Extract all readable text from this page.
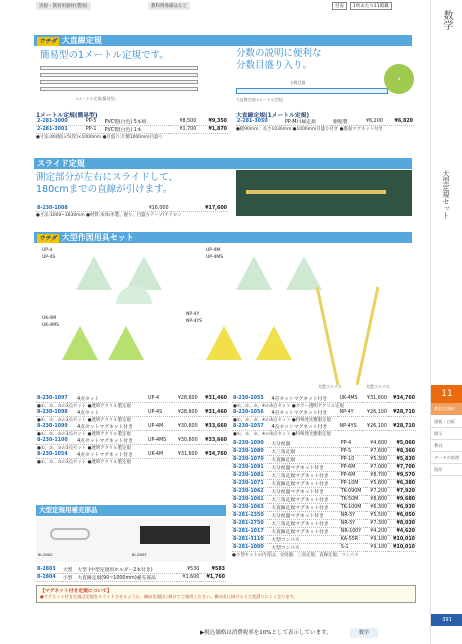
黒板・教員用器材(製図)	教科関係備品など	目安	1枚あたり11掲載
数学
大型定規セット
11
教員用器材
黒板・白板
掲示
教具
データの処理
図形
391
ウチダ 大直線定規
簡易型の1メートル定規です。
1メートル定規(簡易型)
分数の説明に便利な
分数目盛り入り。
分数目盛
大直線定規(1メートル定規)
★
1メートル定規(簡易型)	大直線定規(1メートル定規)
2-281-3000	PP-5	PVC製(白色) 5本組	¥8,500	¥9,350
2-281-3001	PP-1	PVC製(白色) 1本	¥1,700	¥1,870
●寸法:40(幅)×5(厚)×1000mm ●目盛り:片側1000mm目盛り
2-281-3050	PP-M付属定規	樹脂製	¥6,200	¥6,820
●幅90mm、長さ1030mm ●1000mm目盛り付き ●裏面マグネット付き
スライド定規
測定部分が左右にスライドして、
180cmまでの直線が引けます。
8-230-1008	¥16,000	¥17,600
●寸法:1000~1830mm ●材質:本体/木製、握り、目盛りテープ/ナイロン
ウチダ 大型作図用具セット
UP-4
UP-4S
UP-4M
UP-4MS
UK-4M
UK-4MS
NP-4Y
NP-4YS
大型コンパス	大型コンパス
8-230-1097	4点セット	UP-4	¥28,600	¥31,460
●①、②、③の3点セット ●透明アクリル製定規				
8-230-1098	4点セット	UP-4S	¥28,600	¥31,460
●①、②、③の3点セット ●透明アクリル製定規				
8-230-1099	4点セットマグネット付き	UP-4M	¥30,600	¥33,660
●①、②、③の3点セット ●透明アクリル製定規				
8-230-1100	4点セットマグネット付き	UP-4MS	¥30,600	¥33,660
●①、②、③の3点セット ●透明アクリル製定規				
8-230-1054	4点セットマグネット付き	UK-4M	¥31,600	¥34,760
●①、②、③の3点セット ●透明アクリル製定規				
8-230-1055	4点セットマグネット付き	UK-4MS	¥31,600	¥34,760
●①、②、③、④の4点セット ●カラー透明アクリル定規				
8-230-1056	4点セットマグネット付き	NP-4Y	¥26,100	¥28,710
●①、②、③、④の4点セット ●特殊発光樹脂定規				
8-230-1057	4点セットマグネット付き	NP-4YS	¥26,100	¥28,710
●①、②、③、④の4点セット ●特殊発光樹脂定規				
8-230-1090	大分度器	PP-4	¥4,600	¥5,060
8-230-1080	大三角定規	PP-5	¥7,600	¥8,360
8-230-1070	大直線定規	PP-10	¥5,300	¥5,830
8-230-1091	大分度器マグネット付き	PP-6M	¥7,000	¥7,700
8-230-1081	大三角定規マグネット付き	PP-6M	¥8,700	¥9,570
8-230-1071	大直線定規マグネット付き	PP-10M	¥5,800	¥6,380
8-230-1062	大分度器マグネット付き	TK-090M	¥7,200	¥7,920
8-230-1061	大三角定規マグネット付き	TK-50M	¥8,800	¥9,680
8-230-1063	大直線定規マグネット付き	TK-100M	¥6,300	¥6,930
8-281-2350	大分度器マグネット付き	NR-5Y	¥5,500	¥6,050
8-281-2750	大三角定規マグネット付き	NR-5Y	¥7,300	¥8,030
8-281-1017	大直線定規マグネット付き	NR-100Y	¥4,200	¥4,620
8-281-3110	大型コンパス	KA-55R	¥9,100	¥10,010
8-281-1000	大型コンパス	S-1	¥9,100	¥10,010
●小型セットの内容は、分度器、三角定規、直線定規、コンパス
大型定規用補充部品
8I-2802	8I-2803
8-2803	大型	大型 (中型定規用ホルダー2本付き)	¥530	¥583
8-2804	小型	大直線定規(90~1000mm)補充部品	¥1,600	¥1,760
【マグネット付き定規について】
●マグネット付き定規は定規をスライドさせるように、横向き(縦)に掛けてご使用ください。横向きに掛けると大変滑りにくくなります。
▶税込価格は消費税率を10%として表示しています。	数学
